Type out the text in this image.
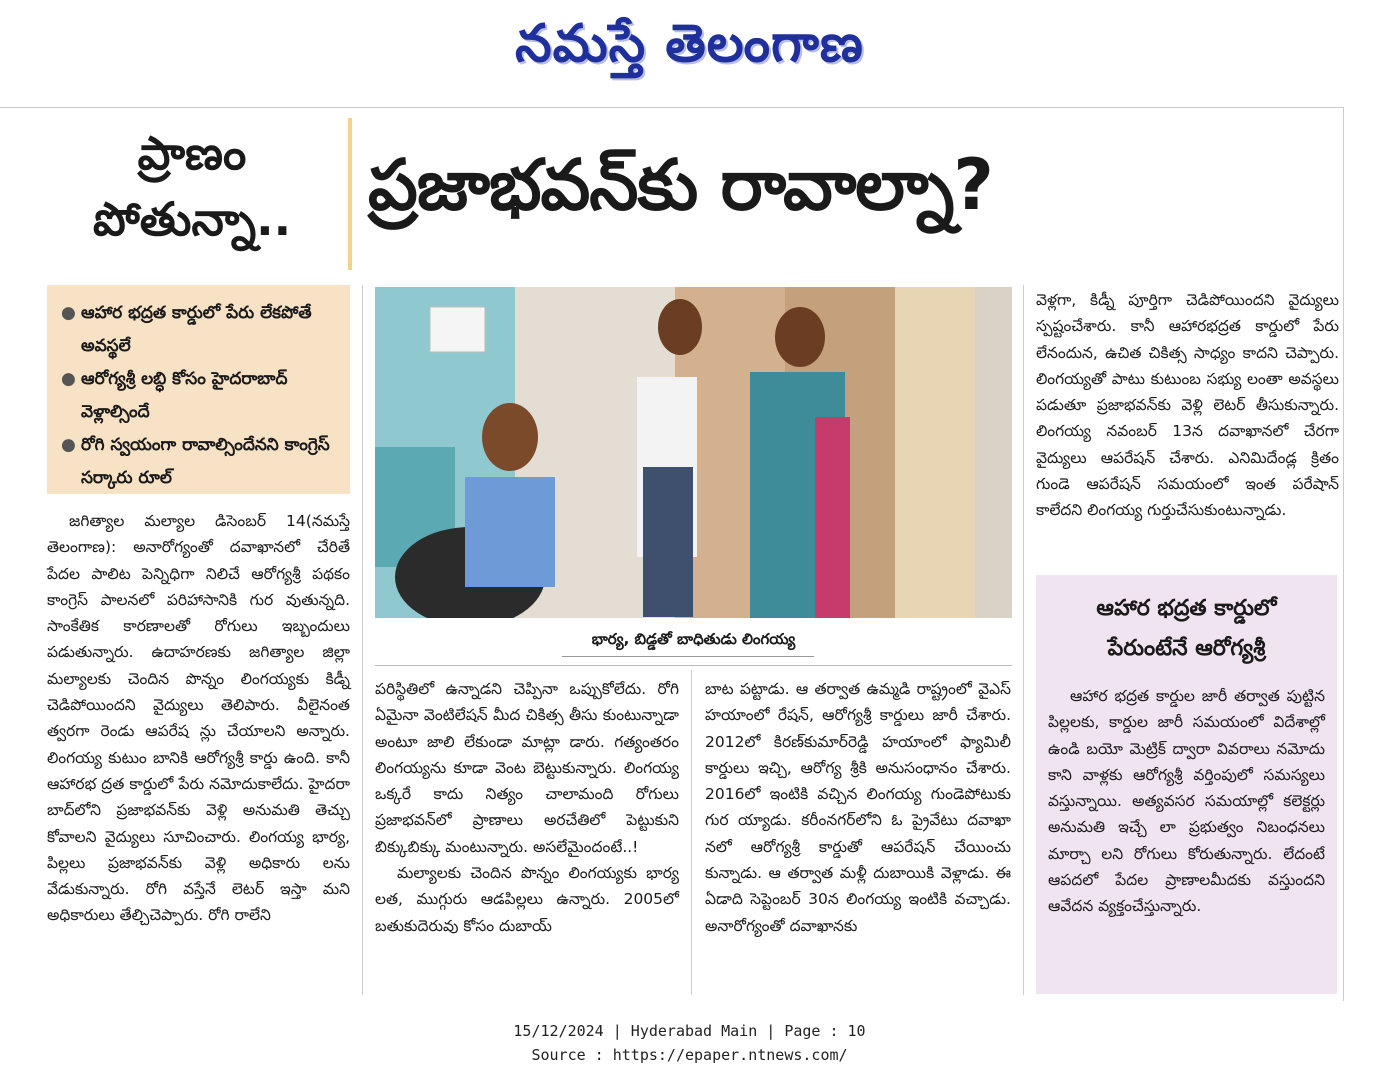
నమస్తే తెలంగాణ
ప్రాణం
పోతున్నా..	ప్రజాభవన్‌కు రావాల్నా?
● ఆహార భద్రత కార్డులో పేరు లేకపోతే అవస్థలే
● ఆరోగ్యశ్రీ లబ్ధి కోసం హైదరాబాద్ వెళ్లాల్సిందే
● రోగి స్వయంగా రావాల్సిందేనని కాంగ్రెస్ సర్కారు రూల్

జగిత్యాల మల్యాల డిసెంబర్ 14(నమస్తే తెలంగాణ): అనారోగ్యంతో దవాఖానలో చేరితే పేదల పాలిట పెన్నిధిగా నిలిచే ఆరోగ్యశ్రీ పథకం కాంగ్రెస్ పాలనలో పరిహాసానికి గుర వుతున్నది. సాంకేతిక కారణాలతో రోగులు ఇబ్బందులు పడుతున్నారు. ఉదాహరణకు జగిత్యాల జిల్లా మల్యాలకు చెందిన పొన్నం లింగయ్యకు కిడ్నీ చెడిపోయిందని వైద్యులు తెలిపారు. వీలైనంత త్వరగా రెండు ఆపరేష న్లు చేయాలని అన్నారు. లింగయ్య కుటుం బానికి ఆరోగ్యశ్రీ కార్డు ఉంది. కానీ ఆహారభ ద్రత కార్డులో పేరు నమోదుకాలేదు. హైదరా బాద్‌లోని ప్రజాభవన్‌కు వెళ్లి అనుమతి తెచ్చు కోవాలని వైద్యులు సూచించారు. లింగయ్య భార్య, పిల్లలు ప్రజాభవన్‌కు వెళ్లి అధికారు లను వేడుకున్నారు. రోగి వస్తేనే లెటర్ ఇస్తా మని అధికారులు తేల్చిచెప్పారు. రోగి రాలేని

భార్య, బిడ్డతో బాధితుడు లింగయ్య

పరిస్థితిలో ఉన్నాడని చెప్పినా ఒప్పుకోలేదు. రోగి ఏమైనా వెంటిలేషన్ మీద చికిత్స తీసు కుంటున్నాడా అంటూ జాలి లేకుండా మాట్లా డారు. గత్యంతరం లింగయ్యను కూడా వెంట బెట్టుకున్నారు. లింగయ్య ఒక్కరే కాదు నిత్యం చాలామంది రోగులు ప్రజాభవన్‌లో ప్రాణాలు అరచేతిలో పెట్టుకుని బిక్కుబిక్కు మంటున్నారు. అసలేమైందంటే..!

మల్యాలకు చెందిన పొన్నం లింగయ్యకు భార్య లత, ముగ్గురు ఆడపిల్లలు ఉన్నారు. 2005లో బతుకుదెరువు కోసం దుబాయ్

బాట పట్టాడు. ఆ తర్వాత ఉమ్మడి రాష్ట్రంలో వైఎస్ హయాంలో రేషన్, ఆరోగ్యశ్రీ కార్డులు జారీ చేశారు. 2012లో కిరణ్‌కుమార్‌రెడ్డి హయాంలో ఫ్యామిలీ కార్డులు ఇచ్చి, ఆరోగ్య శ్రీకి అనుసంధానం చేశారు. 2016లో ఇంటికి వచ్చిన లింగయ్య గుండెపోటుకు గుర య్యాడు. కరీంనగర్‌లోని ఓ ప్రైవేటు దవాఖా నలో ఆరోగ్యశ్రీ కార్డుతో ఆపరేషన్ చేయించు కున్నాడు. ఆ తర్వాత మళ్లీ దుబాయికి వెళ్లాడు. ఈ ఏడాది సెప్టెంబర్ 30న లింగయ్య ఇంటికి వచ్చాడు. అనారోగ్యంతో దవాఖానకు

వెళ్లగా, కిడ్నీ పూర్తిగా చెడిపోయిందని వైద్యులు స్పష్టంచేశారు. కానీ ఆహారభద్రత కార్డులో పేరు లేనందున, ఉచిత చికిత్స సాధ్యం కాదని చెప్పారు. లింగయ్యతో పాటు కుటుంబ సభ్యు లంతా అవస్థలు పడుతూ ప్రజాభవన్‌కు వెళ్లి లెటర్ తీసుకున్నారు. లింగయ్య నవంబర్ 13న దవాఖానలో చేరగా వైద్యులు ఆపరేషన్ చేశారు. ఎనిమిదేండ్ల క్రితం గుండె ఆపరేషన్ సమయంలో ఇంత పరేషాన్ కాలేదని లింగయ్య గుర్తుచేసుకుంటున్నాడు.

ఆహార భద్రత కార్డులో
పేరుంటేనే ఆరోగ్యశ్రీ
ఆహార భద్రత కార్డుల జారీ తర్వాత పుట్టిన పిల్లలకు, కార్డుల జారీ సమయంలో విదేశాల్లో ఉండి బయో మెట్రిక్ ద్వారా వివరాలు నమోదు కాని వాళ్లకు ఆరోగ్యశ్రీ వర్తింపులో సమస్యలు వస్తున్నాయి. అత్యవసర సమయాల్లో కలెక్టర్లు అనుమతి ఇచ్చే లా ప్రభుత్వం నిబంధనలు మార్చా లని రోగులు కోరుతున్నారు. లేదంటే ఆపదలో పేదల ప్రాణాలమీదకు వస్తుందని ఆవేదన వ్యక్తంచేస్తున్నారు.
15/12/2024 | Hyderabad Main | Page : 10
Source : https://epaper.ntnews.com/
